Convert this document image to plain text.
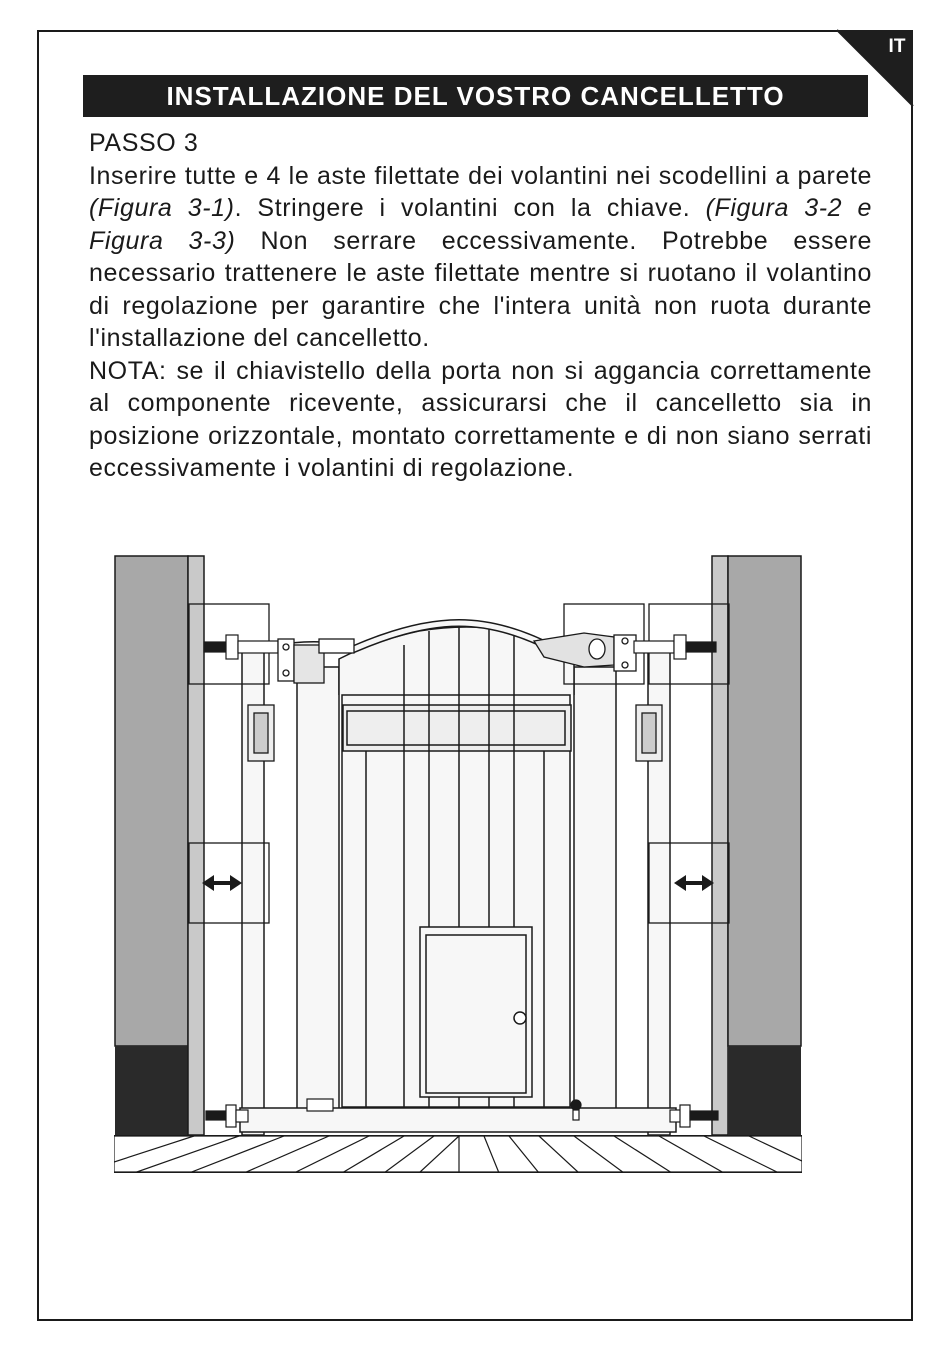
IT
INSTALLAZIONE DEL VOSTRO CANCELLETTO

PASSO 3

Inserire tutte e 4 le aste filettate dei volantini nei scodellini a parete (Figura 3-1). Stringere i volantini con la chiave. (Figura 3-2 e Figura 3-3) Non serrare eccessivamente. Potrebbe essere necessario trattenere le aste filettate mentre si ruotano il volantino di regolazione per garantire che l'intera unità non ruota durante l'installazione del cancelletto.

NOTA: se il chiavistello della porta non si aggancia correttamente al componente ricevente, assicurarsi che il cancelletto sia in posizione orizzontale, montato correttamente e di non siano serrati eccessivamente i volantini di regolazione.
